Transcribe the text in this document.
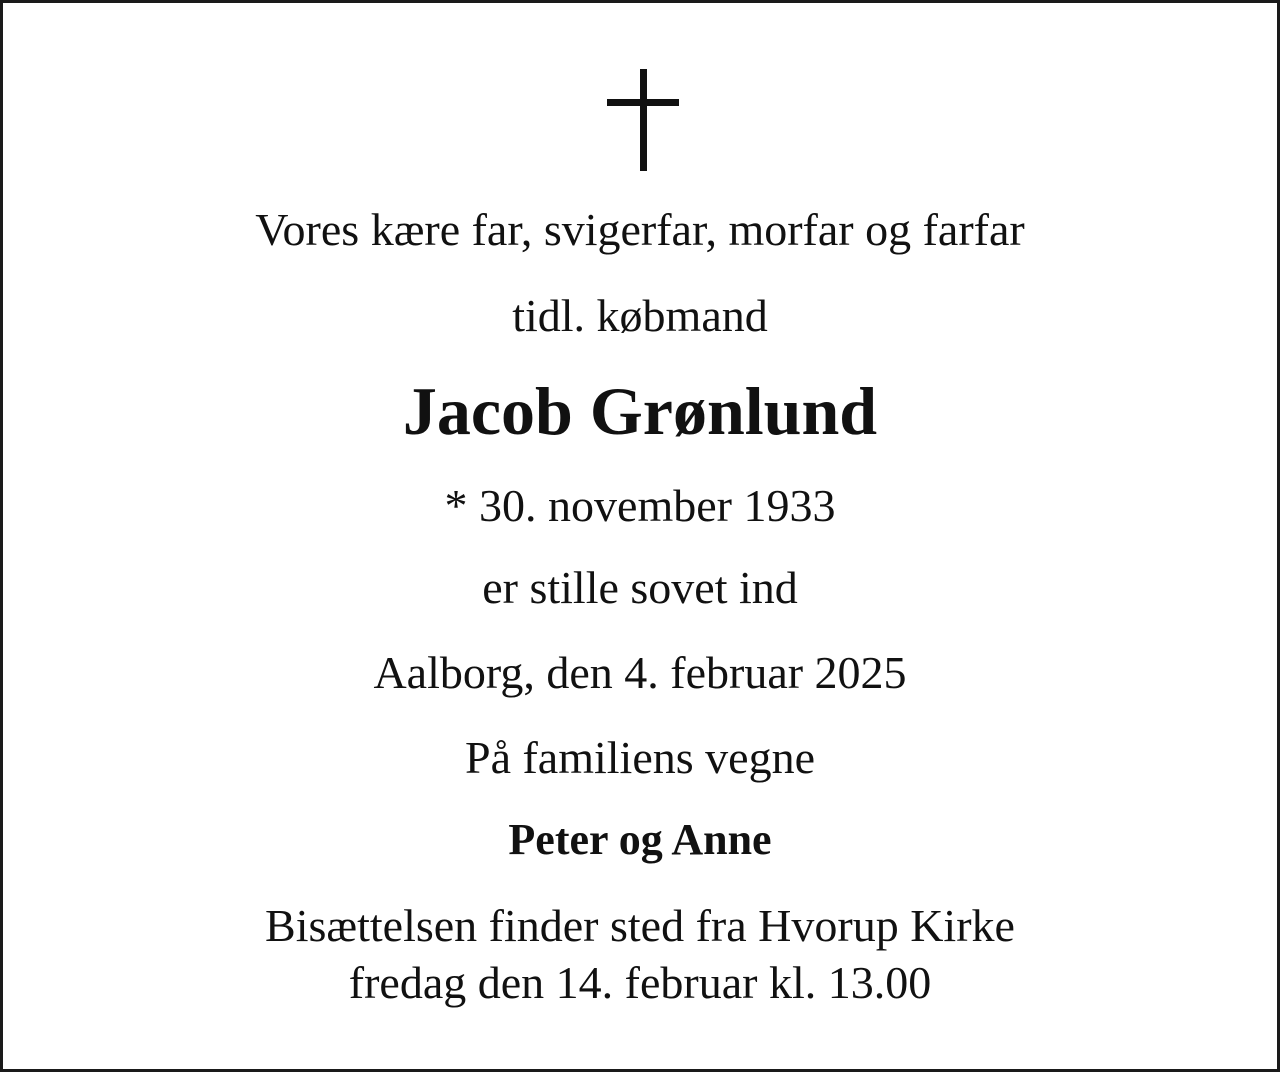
Vores kære far, svigerfar, morfar og farfar
tidl. købmand
Jacob Grønlund
* 30. november 1933
er stille sovet ind
Aalborg, den 4. februar 2025
På familiens vegne
Peter og Anne
Bisættelsen finder sted fra Hvorup Kirke
fredag den 14. februar kl. 13.00
